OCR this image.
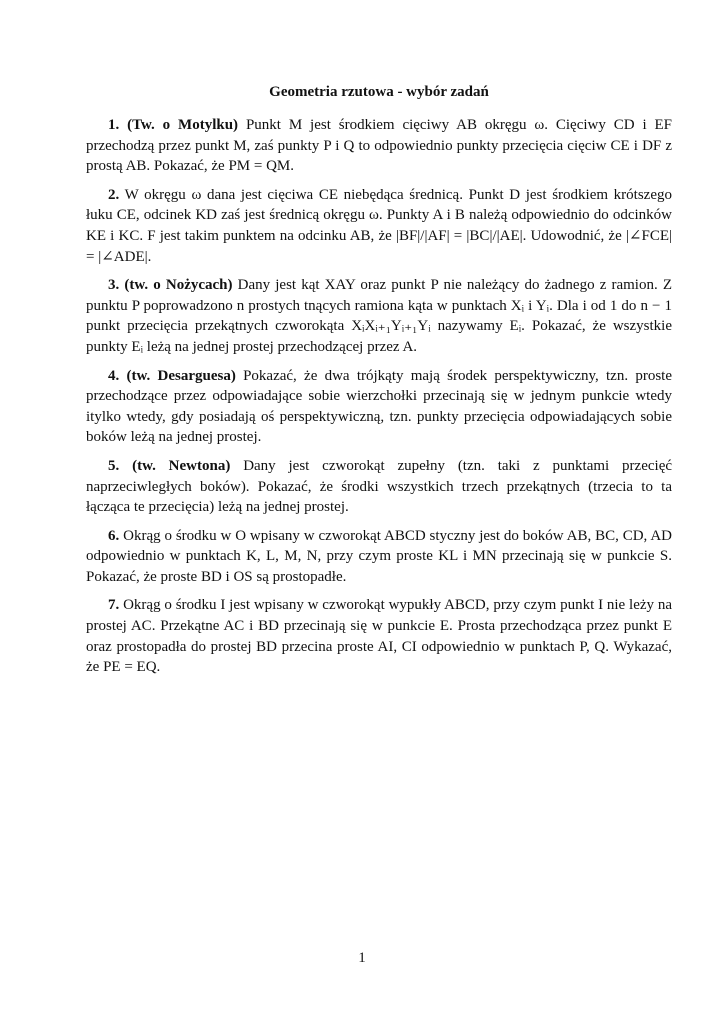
Geometria rzutowa - wybór zadań

1. (Tw. o Motylku) Punkt M jest środkiem cięciwy AB okręgu ω. Cięciwy CD i EF przechodzą przez punkt M, zaś punkty P i Q to odpowiednio punkty przecięcia cięciw CE i DF z prostą AB. Pokazać, że PM = QM.

2. W okręgu ω dana jest cięciwa CE niebędąca średnicą. Punkt D jest środkiem krótszego łuku CE, odcinek KD zaś jest średnicą okręgu ω. Punkty A i B należą odpowiednio do odcinków KE i KC. F jest takim punktem na odcinku AB, że |BF|/|AF| = |BC|/|AE|. Udowodnić, że |∠FCE| = |∠ADE|.

3. (tw. o Nożycach) Dany jest kąt XAY oraz punkt P nie należący do żadnego z ramion. Z punktu P poprowadzono n prostych tnących ramiona kąta w punktach Xᵢ i Yᵢ. Dla i od 1 do n − 1 punkt przecięcia przekątnych czworokąta XᵢXᵢ₊₁Yᵢ₊₁Yᵢ nazywamy Eᵢ. Pokazać, że wszystkie punkty Eᵢ leżą na jednej prostej przechodzącej przez A.

4. (tw. Desarguesa) Pokazać, że dwa trójkąty mają środek perspektywiczny, tzn. proste przechodzące przez odpowiadające sobie wierzchołki przecinają się w jednym punkcie wtedy itylko wtedy, gdy posiadają oś perspektywiczną, tzn. punkty przecięcia odpowiadających sobie boków leżą na jednej prostej.

5. (tw. Newtona) Dany jest czworokąt zupełny (tzn. taki z punktami przecięć naprzeciwległych boków). Pokazać, że środki wszystkich trzech przekątnych (trzecia to ta łącząca te przecięcia) leżą na jednej prostej.

6. Okrąg o środku w O wpisany w czworokąt ABCD styczny jest do boków AB, BC, CD, AD odpowiednio w punktach K, L, M, N, przy czym proste KL i MN przecinają się w punkcie S. Pokazać, że proste BD i OS są prostopadłe.

7. Okrąg o środku I jest wpisany w czworokąt wypukły ABCD, przy czym punkt I nie leży na prostej AC. Przekątne AC i BD przecinają się w punkcie E. Prosta przechodząca przez punkt E oraz prostopadła do prostej BD przecina proste AI, CI odpowiednio w punktach P, Q. Wykazać, że PE = EQ.

1
